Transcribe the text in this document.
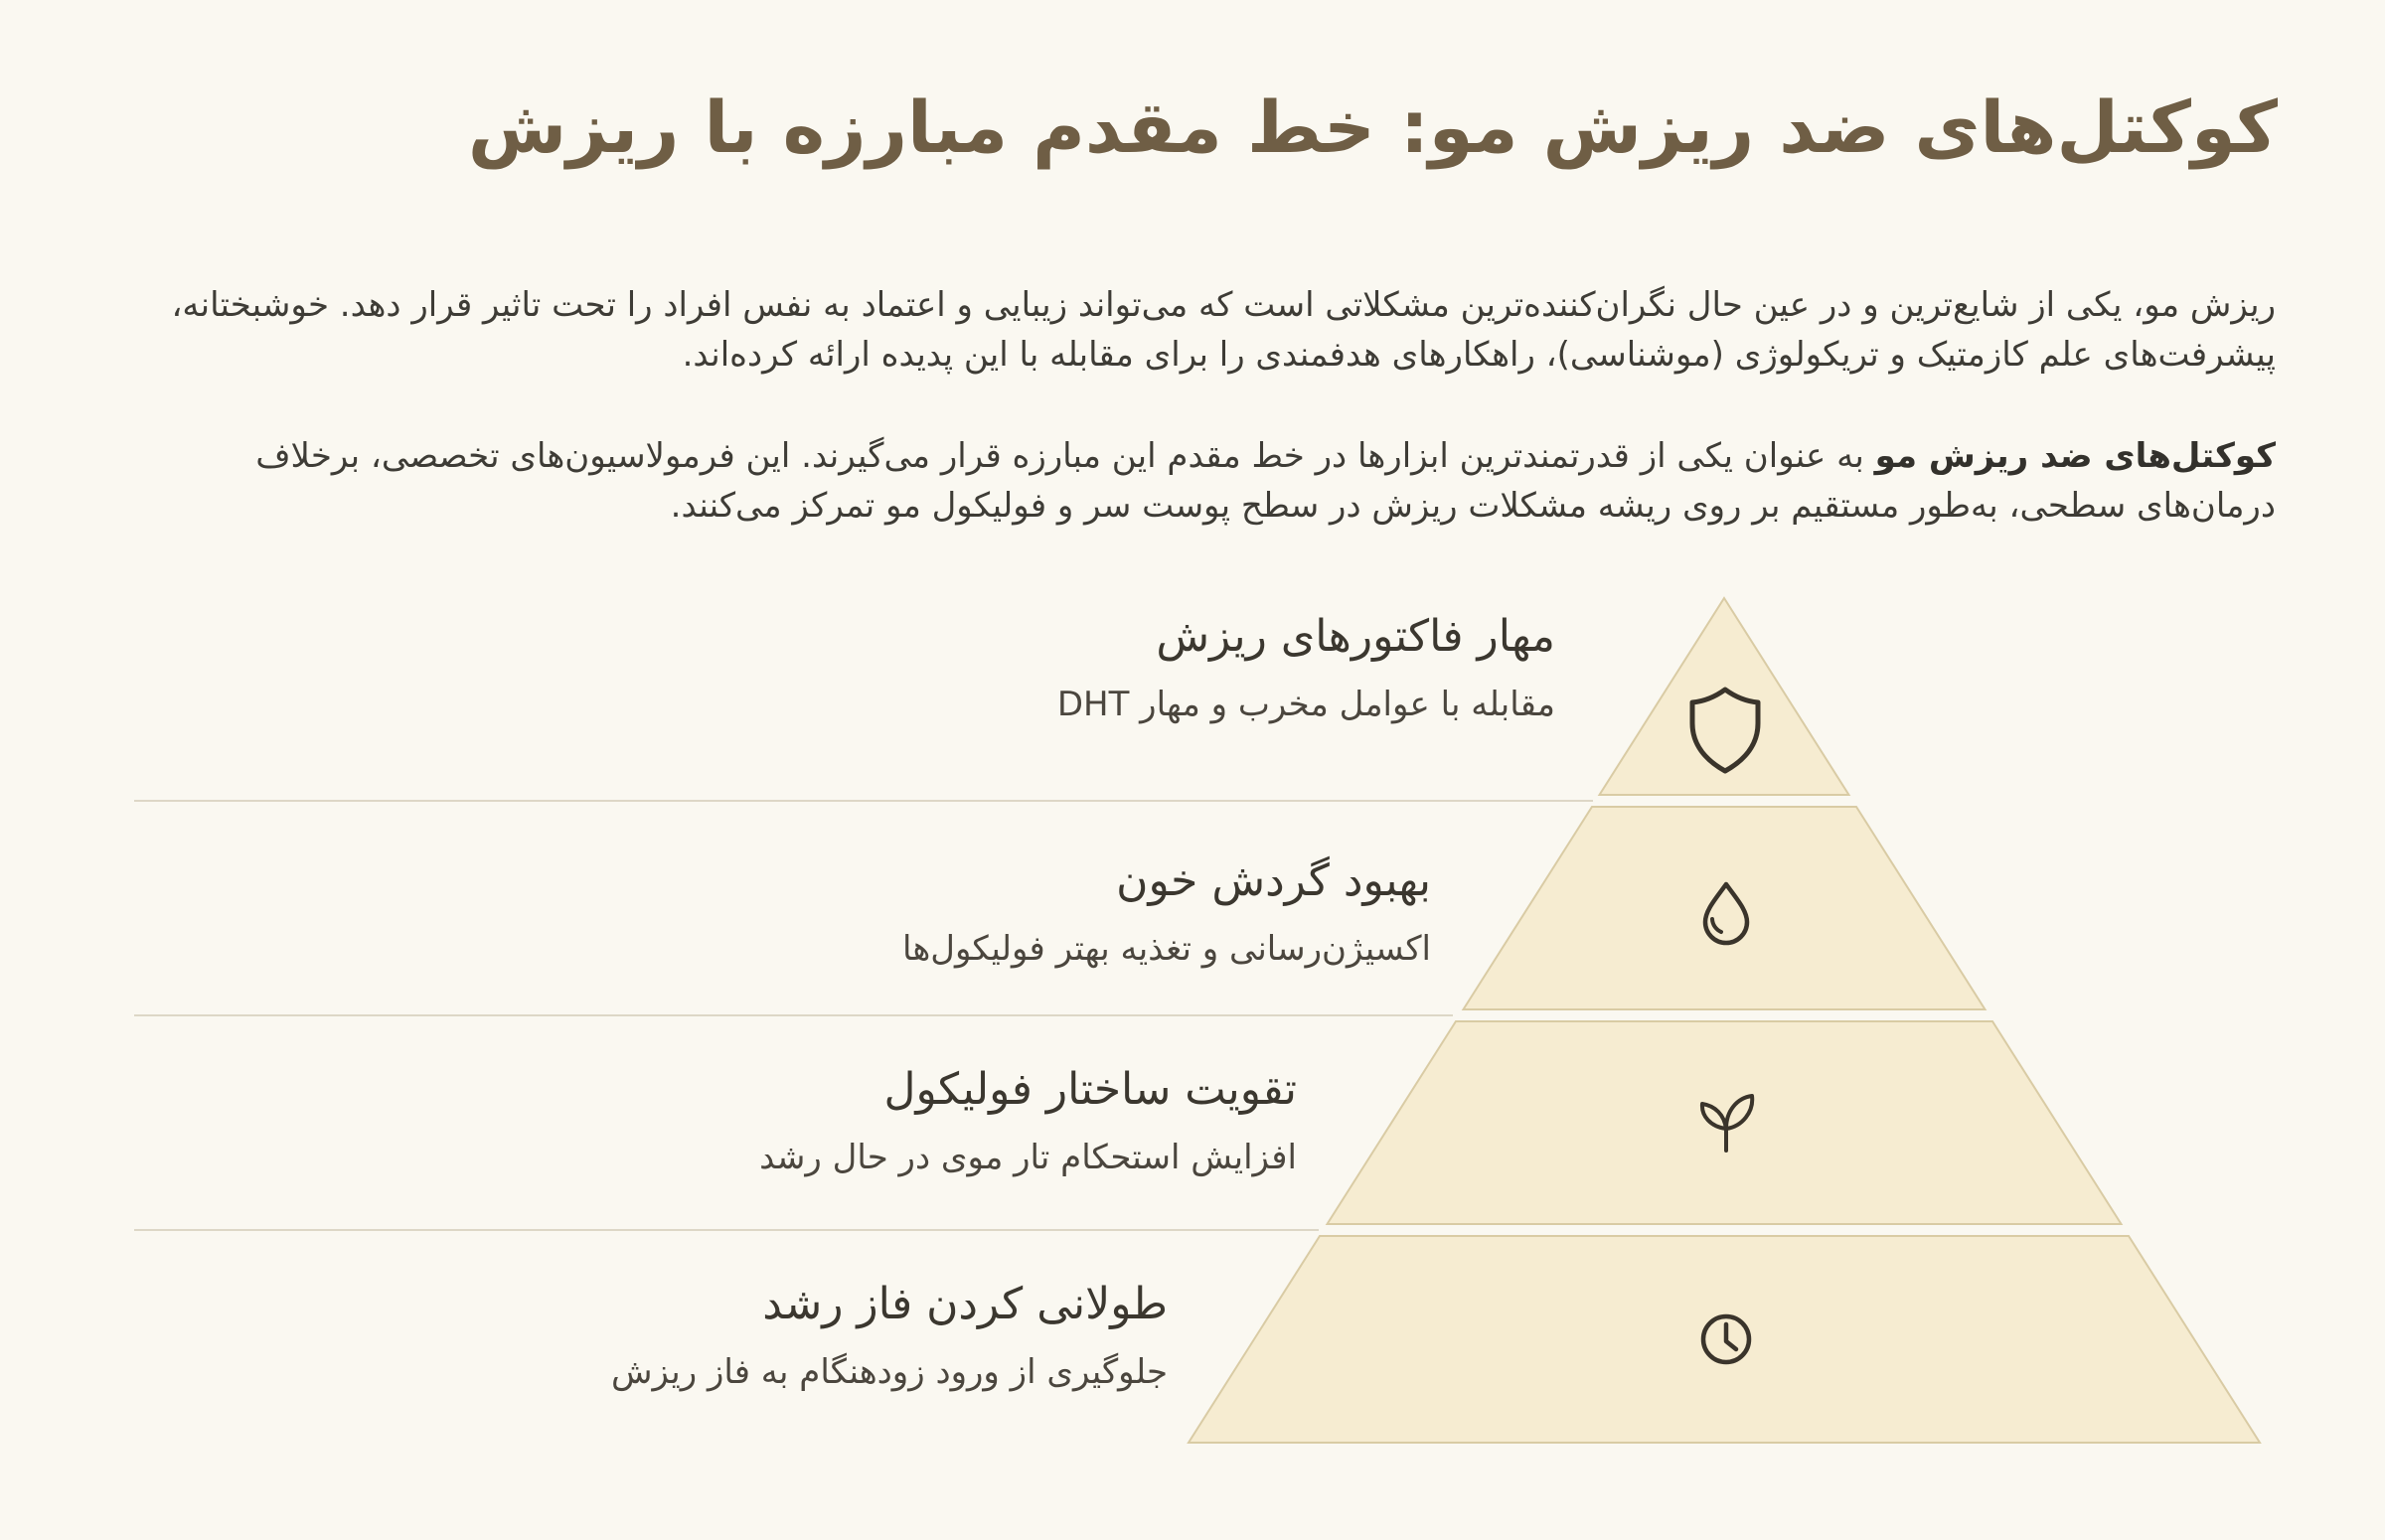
کوکتل‌های ضد ریزش مو: خط مقدم مبارزه با ریزش

ریزش مو، یکی از شایع‌ترین و در عین حال نگران‌کننده‌ترین مشکلاتی است که می‌تواند زیبایی و اعتماد به نفس افراد را تحت تاثیر قرار دهد. خوشبختانه، پیشرفت‌های علم کازمتیک و تریکولوژی (موشناسی)، راهکارهای هدفمندی را برای مقابله با این پدیده ارائه کرده‌اند.

کوکتل‌های ضد ریزش مو به عنوان یکی از قدرتمندترین ابزارها در خط مقدم این مبارزه قرار می‌گیرند. این فرمولاسیون‌های تخصصی، برخلاف درمان‌های سطحی، به‌طور مستقیم بر روی ریشه مشکلات ریزش در سطح پوست سر و فولیکول مو تمرکز می‌کنند.

مهار فاکتورهای ریزش

مقابله با عوامل مخرب و مهار DHT

بهبود گردش خون

اکسیژن‌رسانی و تغذیه بهتر فولیکول‌ها

تقویت ساختار فولیکول

افزایش استحکام تار موی در حال رشد

طولانی کردن فاز رشد

جلوگیری از ورود زودهنگام به فاز ریزش
